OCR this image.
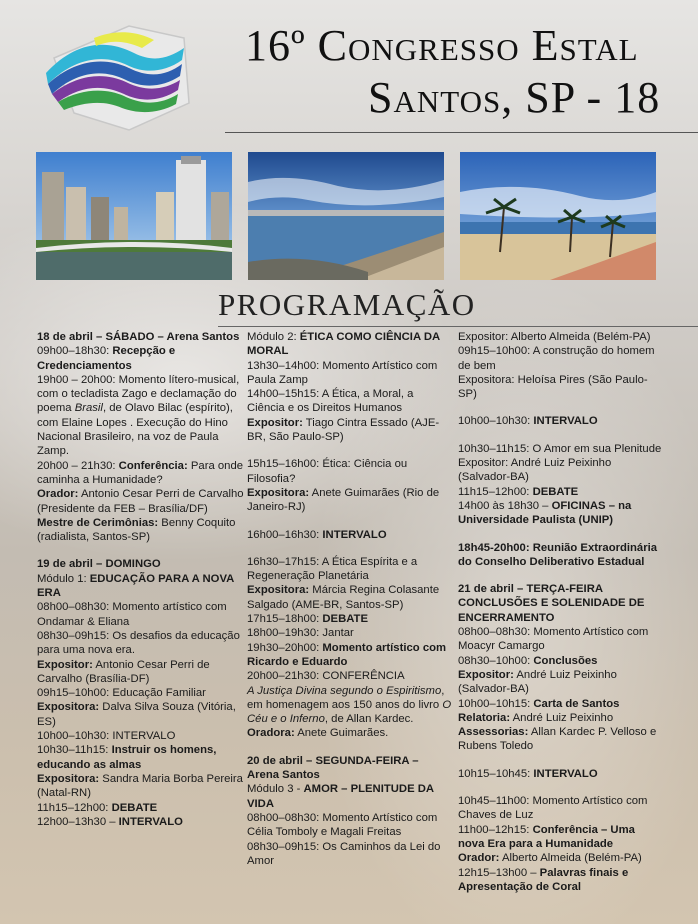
16º Congresso Estal
Santos, SP - 18
PROGRAMAÇÃO

18 de abril – SÁBADO – Arena Santos

09h00–18h30: Recepção e Credenciamentos

19h00 – 20h00: Momento lítero-musical, com o tecladista Zago e declamação do poema Brasil, de Olavo Bilac (espírito), com Elaine Lopes . Execução do Hino Nacional Brasileiro, na voz de Paula Zamp.

20h00 – 21h30: Conferência: Para onde caminha a Humanidade?

Orador: Antonio Cesar Perri de Carvalho (Presidente da FEB – Brasília/DF)

Mestre de Cerimônias: Benny Coquito (radialista, Santos-SP)

19 de abril – DOMINGO

Módulo 1: EDUCAÇÃO PARA A NOVA ERA

08h00–08h30: Momento artístico com Ondamar & Eliana

08h30–09h15: Os desafios da educação para uma nova era.

Expositor: Antonio Cesar Perri de Carvalho (Brasília-DF)

09h15–10h00: Educação Familiar

Expositora: Dalva Silva Souza (Vitória, ES)

10h00–10h30: INTERVALO

10h30–11h15: Instruir os homens, educando as almas

Expositora: Sandra Maria Borba Pereira (Natal-RN)

11h15–12h00: DEBATE

12h00–13h30 – INTERVALO

Módulo 2: ÉTICA COMO CIÊNCIA DA MORAL

13h30–14h00: Momento Artístico com Paula Zamp

14h00–15h15: A Ética, a Moral, a Ciência e os Direitos Humanos

Expositor: Tiago Cintra Essado (AJE-BR, São Paulo-SP)

15h15–16h00: Ética: Ciência ou Filosofia?

Expositora: Anete Guimarães (Rio de Janeiro-RJ)

16h00–16h30: INTERVALO

16h30–17h15: A Ética Espírita e a Regeneração Planetária

Expositora: Márcia Regina Colasante Salgado (AME-BR, Santos-SP)

17h15–18h00: DEBATE

18h00–19h30: Jantar

19h30–20h00: Momento artístico com Ricardo e Eduardo

20h00–21h30: CONFERÊNCIA

A Justiça Divina segundo o Espiritismo, em homenagem aos 150 anos do livro O Céu e o Inferno, de Allan Kardec.

Oradora: Anete Guimarães.

20 de abril – SEGUNDA-FEIRA – Arena Santos

Módulo 3 - AMOR – PLENITUDE DA VIDA

08h00–08h30: Momento Artístico com Célia Tomboly e Magali Freitas

08h30–09h15: Os Caminhos da Lei do Amor

Expositor: Alberto Almeida (Belém-PA)

09h15–10h00: A construção do homem de bem

Expositora: Heloísa Pires (São Paulo-SP)

10h00–10h30: INTERVALO

10h30–11h15: O Amor em sua Plenitude

Expositor: André Luiz Peixinho (Salvador-BA)

11h15–12h00: DEBATE

14h00 às 18h30 – OFICINAS – na Universidade Paulista (UNIP)

18h45-20h00: Reunião Extraordinária do Conselho Deliberativo Estadual

21 de abril – TERÇA-FEIRA CONCLUSÕES E SOLENIDADE DE ENCERRAMENTO

08h00–08h30: Momento Artístico com Moacyr Camargo

08h30–10h00: Conclusões

Expositor: André Luiz Peixinho (Salvador-BA)

10h00–10h15: Carta de Santos

Relatoria: André Luiz Peixinho

Assessorias: Allan Kardec P. Velloso e Rubens Toledo

10h15–10h45: INTERVALO

10h45–11h00: Momento Artístico com Chaves de Luz

11h00–12h15: Conferência – Uma nova Era para a Humanidade

Orador: Alberto Almeida (Belém-PA)

12h15–13h00 – Palavras finais e Apresentação de Coral
